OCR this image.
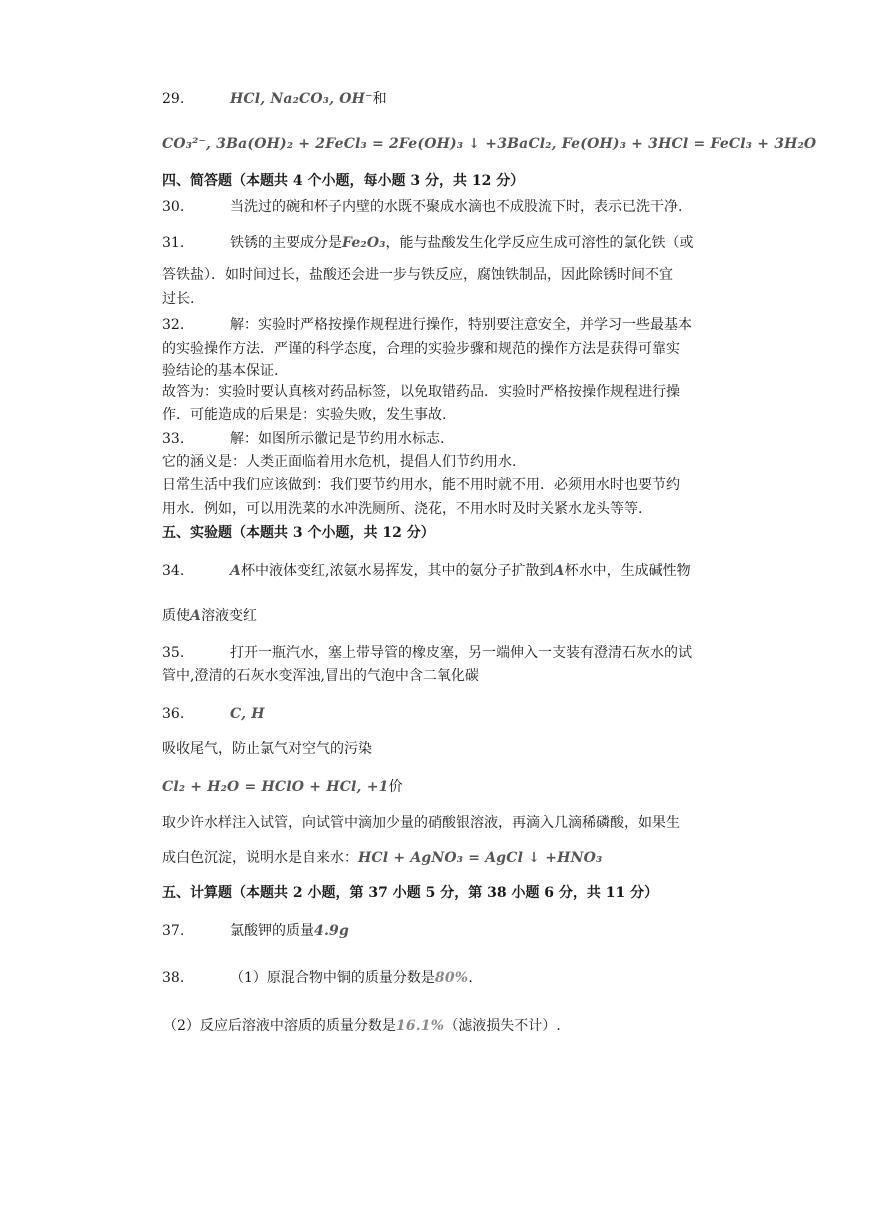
29.	HCl, Na₂CO₃, OH⁻和
CO₃²⁻, 3Ba(OH)₂ + 2FeCl₃ = 2Fe(OH)₃ ↓ +3BaCl₂, Fe(OH)₃ + 3HCl = FeCl₃ + 3H₂O
四、简答题（本题共 4 个小题，每小题 3 分，共 12 分）
30.	当洗过的碗和杯子内壁的水既不聚成水滴也不成股流下时，表示已洗干净.
31.	铁锈的主要成分是Fe₂O₃，能与盐酸发生化学反应生成可溶性的氯化铁（或
答铁盐）．如时间过长，盐酸还会进一步与铁反应，腐蚀铁制品，因此除锈时间不宜
过长.
32.	解：实验时严格按操作规程进行操作，特别要注意安全，并学习一些最基本
的实验操作方法．严谨的科学态度，合理的实验步骤和规范的操作方法是获得可靠实
验结论的基本保证.
故答为：实验时要认真核对药品标签，以免取错药品．实验时严格按操作规程进行操
作．可能造成的后果是：实验失败，发生事故.
33.	解：如图所示徽记是节约用水标志.
它的涵义是：人类正面临着用水危机，提倡人们节约用水.
日常生活中我们应该做到：我们要节约用水，能不用时就不用．必须用水时也要节约
用水．例如，可以用洗菜的水冲洗厕所、浇花，不用水时及时关紧水龙头等等.
五、实验题（本题共 3 个小题，共 12 分）
34.	A杯中液体变红,浓氨水易挥发，其中的氨分子扩散到A杯水中，生成碱性物
质使A溶液变红
35.	打开一瓶汽水，塞上带导管的橡皮塞，另一端伸入一支装有澄清石灰水的试
管中,澄清的石灰水变浑浊,冒出的气泡中含二氧化碳
36.	C, H
吸收尾气，防止氯气对空气的污染
Cl₂ + H₂O = HClO + HCl, +1价
取少许水样注入试管，向试管中滴加少量的硝酸银溶液，再滴入几滴稀磷酸，如果生
成白色沉淀，说明水是自来水：HCl + AgNO₃ = AgCl ↓ +HNO₃
五、计算题（本题共 2 小题，第 37 小题 5 分，第 38 小题 6 分，共 11 分）
37.	氯酸钾的质量4.9g
38.	（1）原混合物中铜的质量分数是80%.
（2）反应后溶液中溶质的质量分数是16.1%（滤液损失不计）.
